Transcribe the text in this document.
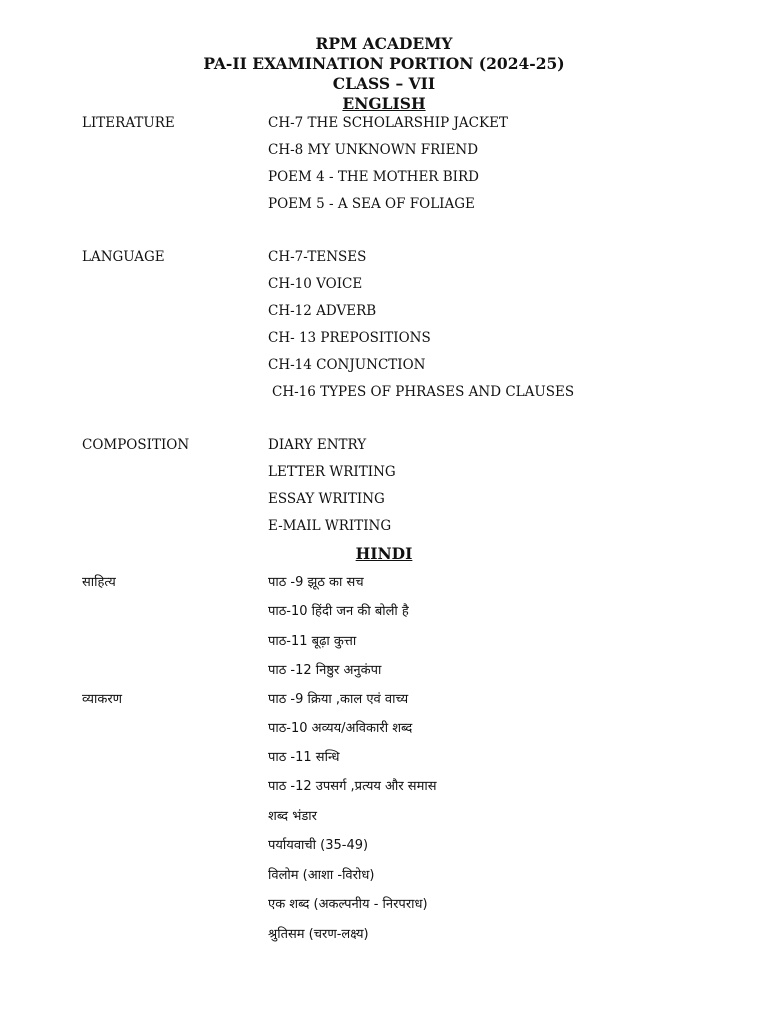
RPM ACADEMY
PA-II EXAMINATION PORTION (2024-25)
CLASS – VII
ENGLISH
LITERATURE	CH-7 THE SCHOLARSHIP JACKET
CH-8 MY UNKNOWN FRIEND
POEM 4 - THE MOTHER BIRD
POEM 5 - A SEA OF FOLIAGE
LANGUAGE	CH-7-TENSES
CH-10 VOICE
CH-12 ADVERB
CH- 13 PREPOSITIONS
CH-14 CONJUNCTION
CH-16 TYPES OF PHRASES AND CLAUSES
COMPOSITION	DIARY ENTRY
LETTER WRITING
ESSAY WRITING
E-MAIL WRITING
HINDI
साहित्य	पाठ -9 झूठ का सच
पाठ-10 हिंदी जन की बोली है
पाठ-11 बूढ़ा कुत्ता
पाठ -12 निष्ठुर अनुकंपा
व्याकरण	पाठ -9 क्रिया ,काल एवं वाच्य
पाठ-10 अव्यय/अविकारी शब्द
पाठ -11 सन्धि
पाठ -12 उपसर्ग ,प्रत्यय और समास
शब्द भंडार
पर्यायवाची (35-49)
विलोम (आशा -विरोध)
एक शब्द (अकल्पनीय - निरपराध)
श्रुतिसम (चरण-लक्ष्य)
